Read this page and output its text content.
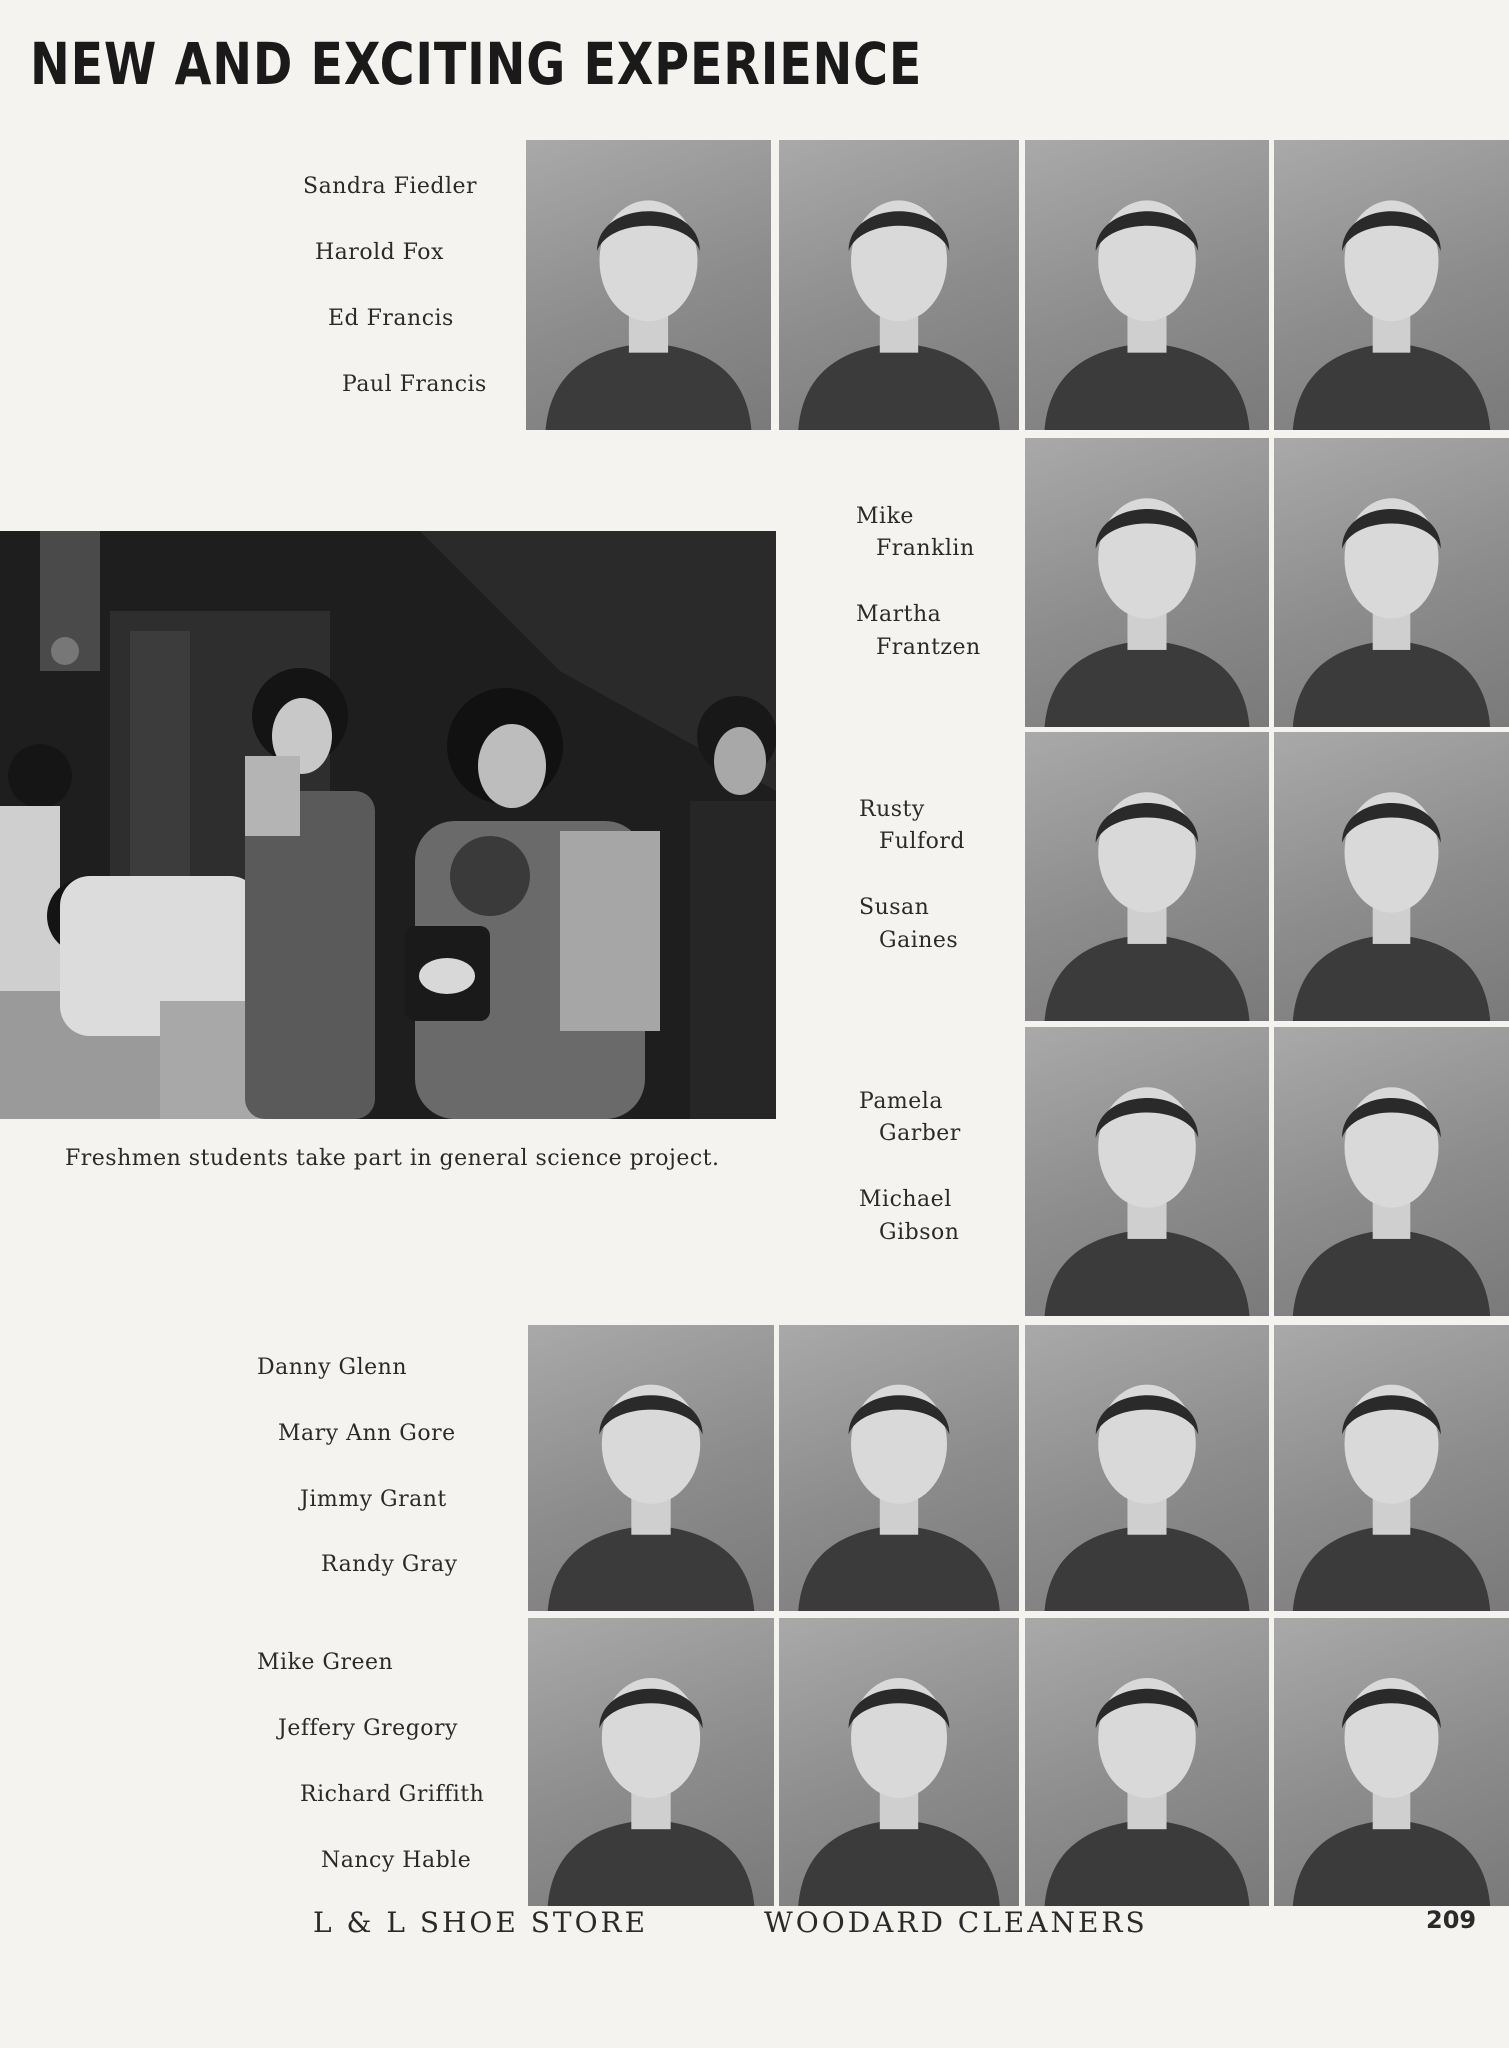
NEW AND EXCITING EXPERIENCE
Sandra Fiedler
Harold Fox
Ed Francis
Paul Francis
Mike
Franklin
Martha
Frantzen
Freshmen students take part in general science project.
Rusty
Fulford
Susan
Gaines
Pamela
Garber
Michael
Gibson
Danny Glenn
Mary Ann Gore
Jimmy Grant
Randy Gray
Mike Green
Jeffery Gregory
Richard Griffith
Nancy Hable
L & L SHOE STORE	WOODARD CLEANERS	209
